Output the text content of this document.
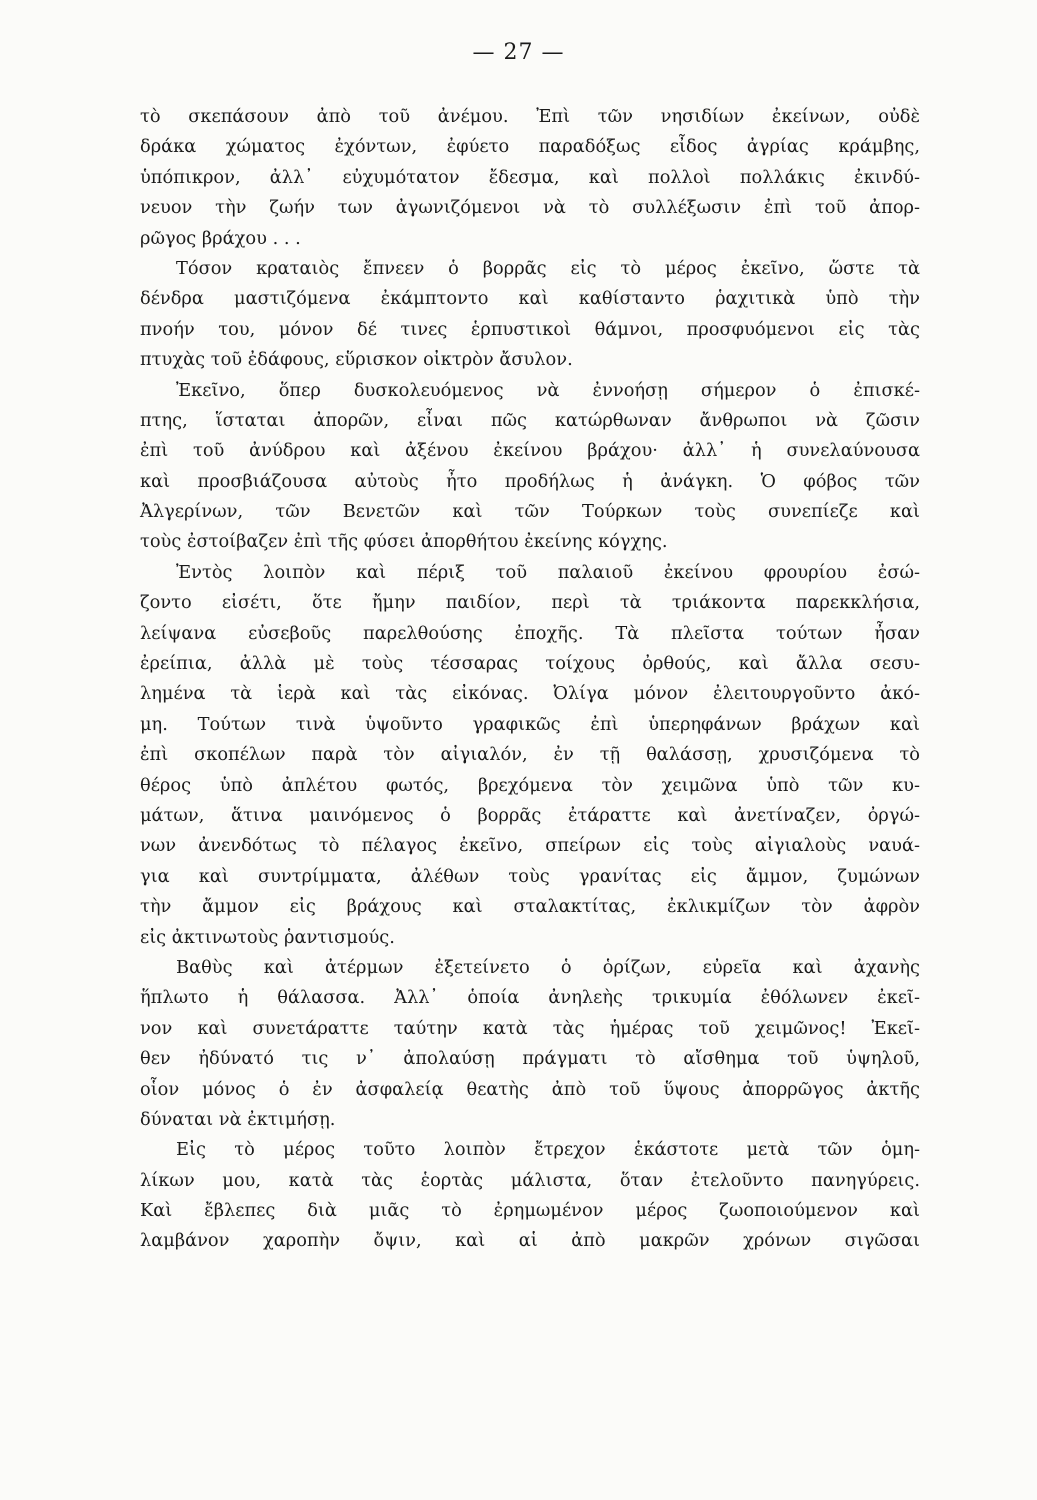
— 27 —
τὸ σκεπάσουν ἀπὸ τοῦ ἀνέμου. Ἐπὶ τῶν νησιδίων ἐκείνων, οὐδὲ
δράκα χώματος ἐχόντων, ἐφύετο παραδόξως εἶδος ἀγρίας κράμβης,
ὑπόπικρον, ἀλλ᾽ εὐχυμότατον ἔδεσμα, καὶ πολλοὶ πολλάκις ἐκινδύ-
νευον τὴν ζωήν των ἀγωνιζόμενοι νὰ τὸ συλλέξωσιν ἐπὶ τοῦ ἀπορ-
ρῶγος βράχου . . .
Τόσον κραταιὸς ἔπνεεν ὁ βορρᾶς εἰς τὸ μέρος ἐκεῖνο, ὥστε τὰ
δένδρα μαστιζόμενα ἐκάμπτοντο καὶ καθίσταντο ῥαχιτικὰ ὑπὸ τὴν
πνοήν του, μόνον δέ τινες ἑρπυστικοὶ θάμνοι, προσφυόμενοι εἰς τὰς
πτυχὰς τοῦ ἐδάφους, εὕρισκον οἰκτρὸν ἄσυλον.
Ἐκεῖνο, ὅπερ δυσκολευόμενος νὰ ἐννοήσῃ σήμερον ὁ ἐπισκέ-
πτης, ἵσταται ἀπορῶν, εἶναι πῶς κατώρθωναν ἄνθρωποι νὰ ζῶσιν
ἐπὶ τοῦ ἀνύδρου καὶ ἀξένου ἐκείνου βράχου· ἀλλ᾽ ἡ συνελαύνουσα
καὶ προσβιάζουσα αὐτοὺς ἦτο προδήλως ἡ ἀνάγκη. Ὁ φόβος τῶν
Ἀλγερίνων, τῶν Βενετῶν καὶ τῶν Τούρκων τοὺς συνεπίεζε καὶ
τοὺς ἐστοίβαζεν ἐπὶ τῆς φύσει ἀπορθήτου ἐκείνης κόγχης.
Ἐντὸς λοιπὸν καὶ πέριξ τοῦ παλαιοῦ ἐκείνου φρουρίου ἐσώ-
ζοντο εἰσέτι, ὅτε ἤμην παιδίον, περὶ τὰ τριάκοντα παρεκκλήσια,
λείψανα εὐσεβοῦς παρελθούσης ἐποχῆς. Τὰ πλεῖστα τούτων ἦσαν
ἐρείπια, ἀλλὰ μὲ τοὺς τέσσαρας τοίχους ὀρθούς, καὶ ἄλλα σεσυ-
λημένα τὰ ἱερὰ καὶ τὰς εἰκόνας. Ὀλίγα μόνον ἐλειτουργοῦντο ἀκό-
μη. Τούτων τινὰ ὑψοῦντο γραφικῶς ἐπὶ ὑπερηφάνων βράχων καὶ
ἐπὶ σκοπέλων παρὰ τὸν αἰγιαλόν, ἐν τῇ θαλάσσῃ, χρυσιζόμενα τὸ
θέρος ὑπὸ ἀπλέτου φωτός, βρεχόμενα τὸν χειμῶνα ὑπὸ τῶν κυ-
μάτων, ἅτινα μαινόμενος ὁ βορρᾶς ἐτάραττε καὶ ἀνετίναζεν, ὀργώ-
νων ἀνενδότως τὸ πέλαγος ἐκεῖνο, σπείρων εἰς τοὺς αἰγιαλοὺς ναυά-
για καὶ συντρίμματα, ἀλέθων τοὺς γρανίτας εἰς ἄμμον, ζυμώνων
τὴν ἄμμον εἰς βράχους καὶ σταλακτίτας, ἐκλικμίζων τὸν ἀφρὸν
εἰς ἀκτινωτοὺς ῥαντισμούς.
Βαθὺς καὶ ἀτέρμων ἐξετείνετο ὁ ὁρίζων, εὐρεῖα καὶ ἀχανὴς
ἥπλωτο ἡ θάλασσα. Ἀλλ᾽ ὁποία ἀνηλεὴς τρικυμία ἐθόλωνεν ἐκεῖ-
νον καὶ συνετάραττε ταύτην κατὰ τὰς ἡμέρας τοῦ χειμῶνος! Ἐκεῖ-
θεν ἠδύνατό τις ν᾽ ἀπολαύσῃ πράγματι τὸ αἴσθημα τοῦ ὑψηλοῦ,
οἷον μόνος ὁ ἐν ἀσφαλείᾳ θεατὴς ἀπὸ τοῦ ὕψους ἀπορρῶγος ἀκτῆς
δύναται νὰ ἐκτιμήσῃ.
Εἰς τὸ μέρος τοῦτο λοιπὸν ἔτρεχον ἑκάστοτε μετὰ τῶν ὁμη-
λίκων μου, κατὰ τὰς ἑορτὰς μάλιστα, ὅταν ἐτελοῦντο πανηγύρεις.
Καὶ ἔβλεπες διὰ μιᾶς τὸ ἐρημωμένον μέρος ζωοποιούμενον καὶ
λαμβάνον χαροπὴν ὄψιν, καὶ αἱ ἀπὸ μακρῶν χρόνων σιγῶσαι
